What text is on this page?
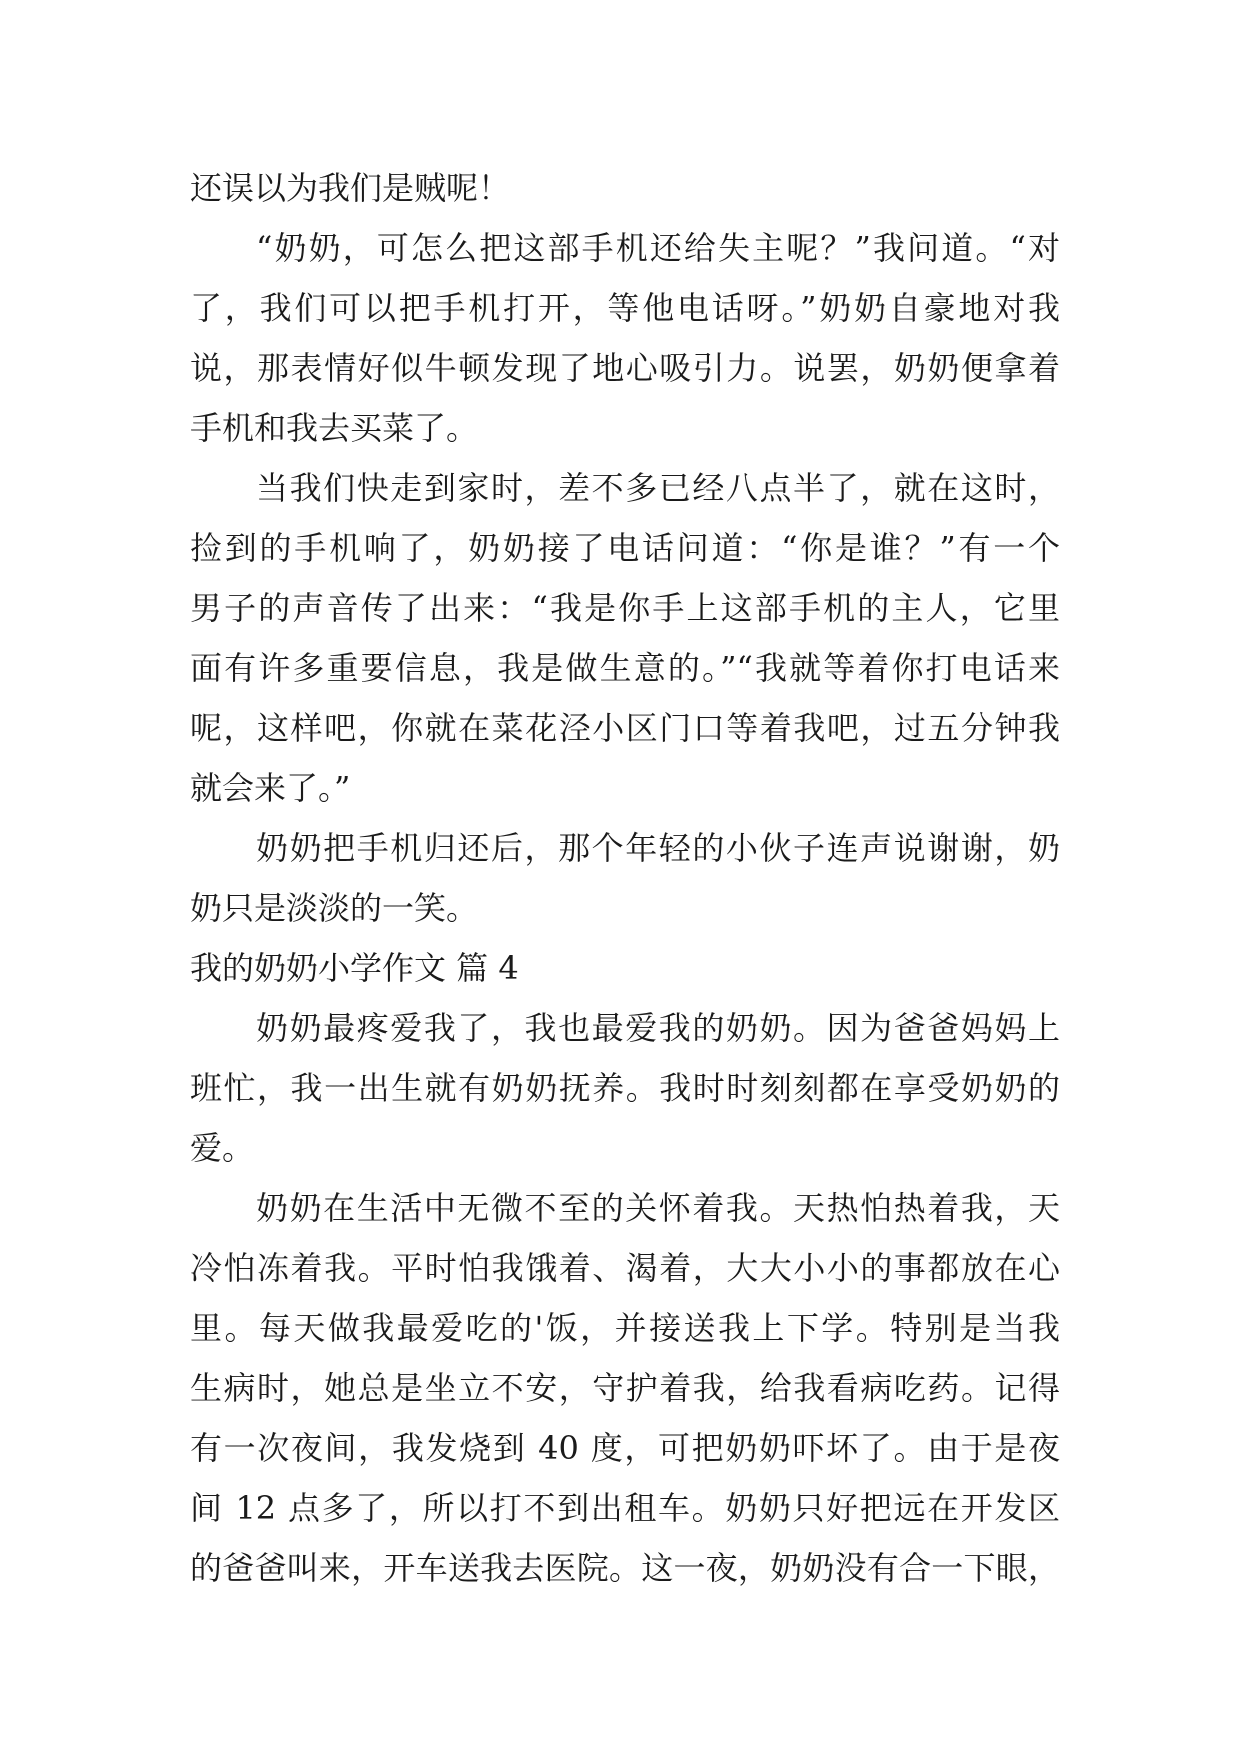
还误以为我们是贼呢！
“奶奶，可怎么把这部手机还给失主呢？”我问道。“对
了，我们可以把手机打开，等他电话呀。”奶奶自豪地对我
说，那表情好似牛顿发现了地心吸引力。说罢，奶奶便拿着
手机和我去买菜了。
当我们快走到家时，差不多已经八点半了，就在这时，
捡到的手机响了，奶奶接了电话问道：“你是谁？”有一个
男子的声音传了出来：“我是你手上这部手机的主人，它里
面有许多重要信息，我是做生意的。”“我就等着你打电话来
呢，这样吧，你就在菜花泾小区门口等着我吧，过五分钟我
就会来了。”
奶奶把手机归还后，那个年轻的小伙子连声说谢谢，奶
奶只是淡淡的一笑。
我的奶奶小学作文 篇 4
奶奶最疼爱我了，我也最爱我的奶奶。因为爸爸妈妈上
班忙，我一出生就有奶奶抚养。我时时刻刻都在享受奶奶的
爱。
奶奶在生活中无微不至的关怀着我。天热怕热着我，天
冷怕冻着我。平时怕我饿着、渴着，大大小小的事都放在心
里。每天做我最爱吃的'饭，并接送我上下学。特别是当我
生病时，她总是坐立不安，守护着我，给我看病吃药。记得
有一次夜间，我发烧到 40 度，可把奶奶吓坏了。由于是夜
间 12 点多了，所以打不到出租车。奶奶只好把远在开发区
的爸爸叫来，开车送我去医院。这一夜，奶奶没有合一下眼，
